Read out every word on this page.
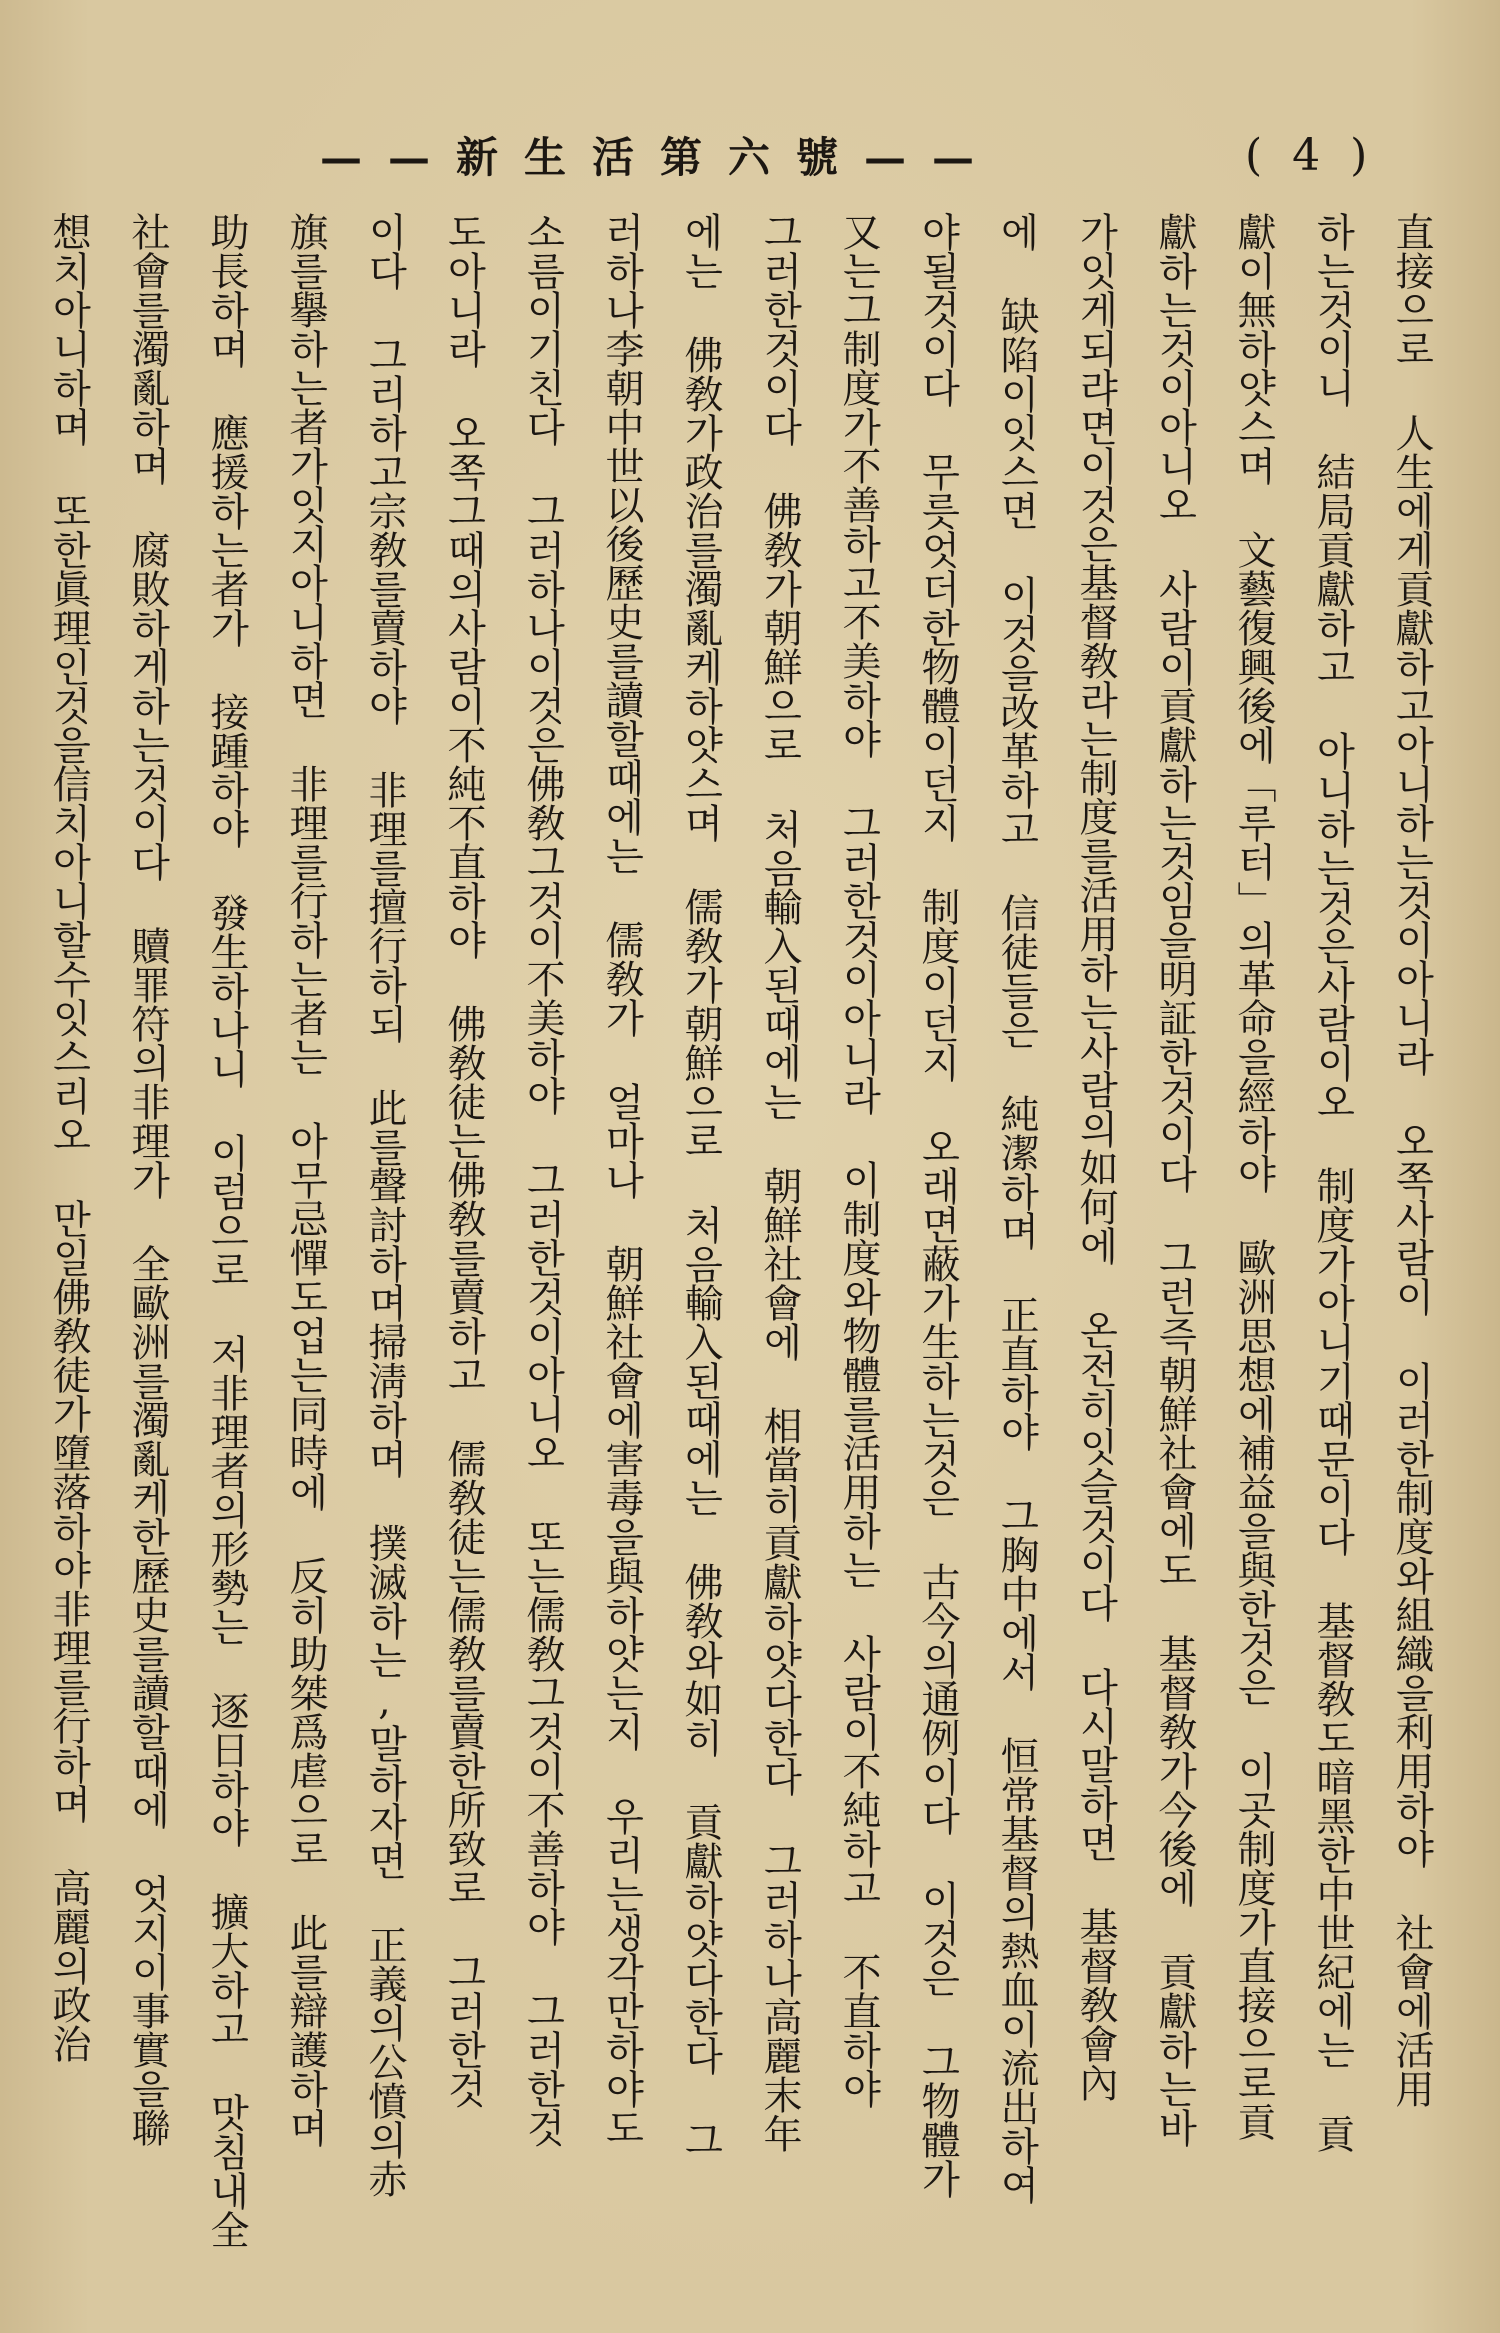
——新生活第六號——	( 4 )
直接으로 人生에게貢獻하고아니하는것이아니라 오쪽사람이 이러한制度와組織을利用하야 社會에活用
하는것이니 結局貢獻하고 아니하는것은사람이오 制度가아니기때문이다 基督敎도暗黑한中世紀에는 貢
獻이無하얏스며 文藝復興後에「루터」의革命을經하야 歐洲思想에補益을與한것은 이곳制度가直接으로貢
獻하는것이아니오 사람이貢獻하는것임을明証한것이다 그런즉朝鮮社會에도 基督敎가今後에 貢獻하는바
가잇게되랴면이것은基督敎라는制度를活用하는사람의如何에 온전히잇슬것이다 다시말하면 基督敎會內
에 缺陷이잇스면 이것을改革하고 信徒들은 純潔하며 正直하야 그胸中에서 恒常基督의熱血이流出하여
야될것이다 무릇엇더한物體이던지 制度이던지 오래면蔽가生하는것은 古今의通例이다 이것은 그物體가
又는그制度가不善하고不美하야 그러한것이아니라 이制度와物體를活用하는 사람이不純하고 不直하야
그러한것이다 佛敎가朝鮮으로 처음輸入된때에는 朝鮮社會에 相當히貢獻하얏다한다 그러하나高麗末年
에는 佛敎가政治를濁亂케하얏스며 儒敎가朝鮮으로 처음輸入된때에는 佛敎와如히 貢獻하얏다한다 그
러하나李朝中世以後歷史를讀할때에는 儒敎가 얼마나 朝鮮社會에害毒을與하얏는지 우리는생각만하야도
소름이기친다 그러하나이것은佛敎그것이不美하야 그러한것이아니오 또는儒敎그것이不善하야 그러한것
도아니라 오쪽그때의사람이不純不直하야 佛敎徒는佛敎를賣하고 儒敎徒는儒敎를賣한所致로 그러한것
이다 그리하고宗敎를賣하야 非理를擅行하되 此를聲討하며掃淸하며 撲滅하는,말하자면 正義의公憤의赤
旗를擧하는者가잇지아니하면 非理를行하는者는 아무忌憚도업는同時에 反히助桀爲虐으로 此를辯護하며
助長하며 應援하는者가 接踵하야 發生하나니 이럼으로 저非理者의形勢는 逐日하야 擴大하고 맛침내全
社會를濁亂하며 腐敗하게하는것이다 贖罪符의非理가 全歐洲를濁亂케한歷史를讀할때에 엇지이事實을聯
想치아니하며 또한眞理인것을信치아니할수잇스리오 만일佛敎徒가墮落하야非理를行하며 高麗의政治
